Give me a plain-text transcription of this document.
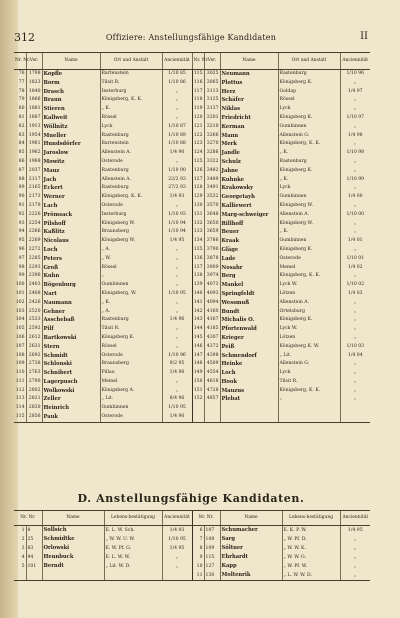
312	Offiziere: Anstellungsfähige Kandidaten	II
Nr. Nr.	Ver.	Name	Ort und Anstalt	Anciennität	Nr. Nr.	Ver.	Name	Ort und Anstalt	Anciennität
76	1798	Kopfle	Bartenstein	1/10 85	115	3025	Neumann	Rastenburg	1/10 96
77	1823	Borm	Tilsit R.	1/10 86	116	3065	Plottus	Königsberg K.	„
78	1840	Drasch	Insterburg	„	117	3113	Herz	Goldap	1/4 97
79	1866	Braun	Königsberg, K. K.	„	118	3125	Schäfer	Rössel	„
80	1881	Stieren	„ K.	„	119	3137	Niklas	Lyck	„
81	1887	Kallweit	Rössel	„	120	3201	Friedricht	Königsberg K.	1/10 97
82	1913	Wöllnitz	Lyck	1/10 87	121	3210	Kerman	Gumbinnen	„
83	1954	Mueller	Rastenburg	1/10 89	122	3266	Mann	Allenstein G.	1/4 98
84	1961	Hundsdörfer	Bartenstein	1/10 88	123	3270	Merk	Königsberg, K. K.	„
85	1962	Jaroslow	Allenstein A.	1/4 90	124	3286	Jandle	„ K.	1/10 98
86	1968	Mowitz	Osterode	„	125	3322	Schulz	Rastenburg	„
87	2037	Mauz	Rastenburg	1/10 90	126	3482	Jahne	Königsberg K.	„
88	2117	Jach	Allenstein A.	22/2 93	127	3489	Kuhnke	„ K.	1/10 99
89	2165	Eckert	Rastenburg	27/2 93	128	3491	Krakowsky	Lyck	„
90	2173	Werner	Königsberg, K. K.	1/4 93	129	3532	Georgetayh	Gumbinnen	1/4 00
91	2179	Lach	Osterode	„	130	3570	Kalliewert	Königsberg W.	„
92	2226	Prömsack	Insterburg	1/10 93	131	3648	Marg-schweiger	Allenstein A.	1/10 00
93	2254	Pilshoff	Königsberg W.	1/10 94	132	3650	Rillhoff	Königsberg W.	„
94	2266	Kaßlitz	Braunsberg	1/10 94	133	3659	Beuer	„ K.	„
95	2269	Nicolaus	Königsberg W.	1/4 95	134	3786	Kraak	Gumbinnen	1/4 01
96	2272	Loch	„ A.	„	135	3790	Gläge	Königsberg K.	„
97	2285	Peters	„ W.	„	136	3878	Lade	Osterode	1/10 01
98	2293	Groß	Rössel	„	137	3909	Nosahr	Memel	1/4 02
99	2396	Kuhn	„	„	138	3974	Berg	Königsberg, K. K.	„
100	2403	Bögenburg	Gumbinnen	„	139	4073	Mankel	Lyck W.	1/10 02
101	2408	Nart	Königsberg, W.	1/10 95	140	4093	Springfeldt	Lötzen	1/4 03
102	2426	Naumann	„ K.	„	141	4094	Wessmuß	Allenstein A.	„
103	2520	Gehner	„ A.	„	142	4160	Bundt	Ortelsburg	„
104	2533	Asschebaß	Rastenburg	1/4 96	143	4167	Michalis O.	Königsberg K.	„
105	2592	Pilf	Tilsit R.	„	144	4185	Pfortenwald	Lyck W.	„
106	2612	Bartkowski	Königsberg K.	„	145	4307	Krieger	Lötzen	„
107	2631	Stern	Rössel	„	146	4372	Peiß	Königsberg K. W.	1/10 03
108	2692	Schmidt	Osterode	1/10 96	147	4398	Schmendorf	„ Lit.	1/4 04
109	2738	Schlonski	Braunsberg	9/2 95	148	4509	Heinke	Allenstein G.	„
110	2763	Schnibert	Pillau	1/4 96	149	4554	Loch	Lyck	„
111	2790	Lagerpusch	Memel	„	150	4618	Hook	Tilsit R.	„
112	2802	Wolkowski	Königsberg A.	„	151	4728	Mauzus	Königsberg, K. K.	„
113	2821	Zeller	„ Lit.	8/4 96	152	4857	Plebat	„	„
114	2830	Heinrich	Gumbinnen	1/10 95					
115	2856	Pauk	Osterode	1/4 96					
D. Anstellungsfähige Kandidaten.
Nr. Nr.		Name	Lebens-bestätigung	Anciennität	Nr. Nr.		Name	Lebens-bestätigung	Anciennität
1	8	Sollsich	E. L. W. Sch.	1/4 93	6	107	Schumacher	E. K. P. W.	1/4 95
2	25	Schmidtke	„ W. W. U. W.	1/10 95	7	108	Sarg	„ W. Pf. D.	„
3	83	Orlowski	E. W. Pf. G.	1/4 95	8	109	Söltner	„ W. W. K.	„
4	94	Hennbuck	E. L. W. W.	„	9	115	Ehrhardt	„ W. W. G.	„
5	101	Berndt	„ Lit. W. D.	„	10	127	Kapp	„ W. Pf. W.	„
					11	130	Moltenrik	„ L. W. W. D.	„
